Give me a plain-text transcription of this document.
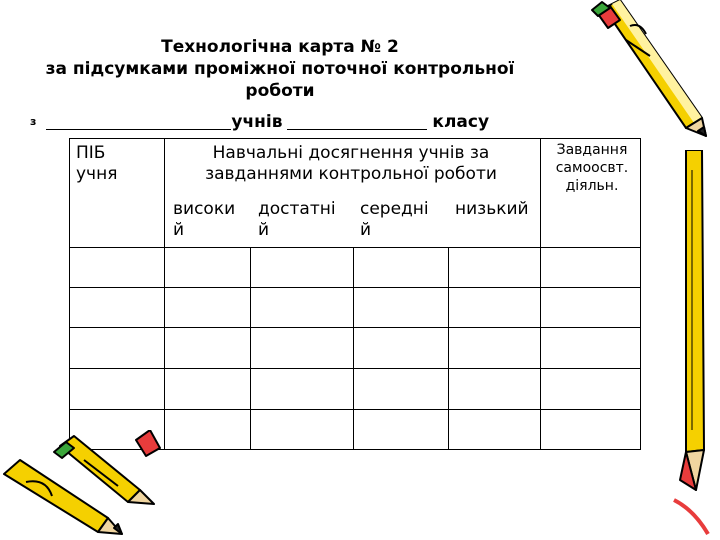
Технологічна карта № 2
за підсумками проміжної поточної контрольної
роботи
з	учнів	класу
ПІБ
учня
Навчальні досягнення учнів за
завданнями контрольної роботи
Завдання
самоосвт.
діяльн.
високи
й
достатні
й
середні
й
низький
